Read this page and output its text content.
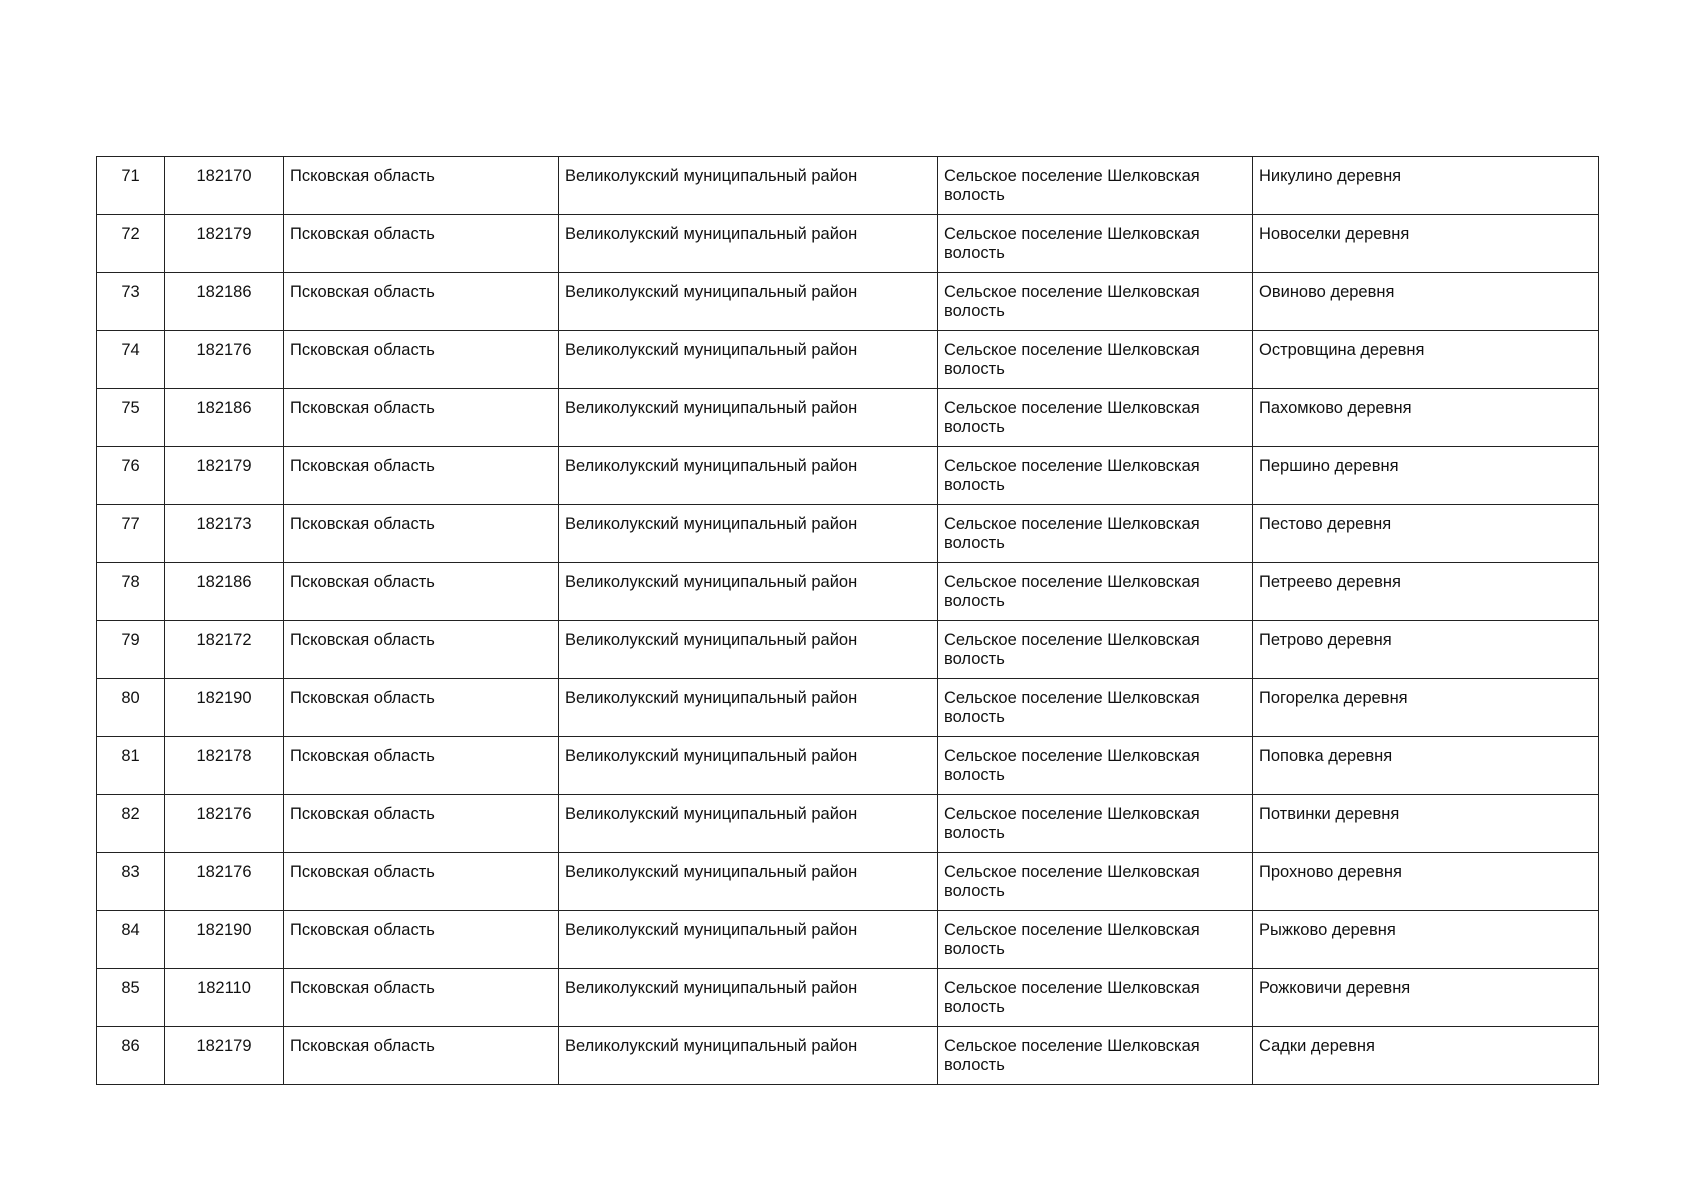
71	182170	Псковская область	Великолукский муниципальный район	Сельское поселение Шелковская волость	Никулино деревня
72	182179	Псковская область	Великолукский муниципальный район	Сельское поселение Шелковская волость	Новоселки деревня
73	182186	Псковская область	Великолукский муниципальный район	Сельское поселение Шелковская волость	Овиново деревня
74	182176	Псковская область	Великолукский муниципальный район	Сельское поселение Шелковская волость	Островщина деревня
75	182186	Псковская область	Великолукский муниципальный район	Сельское поселение Шелковская волость	Пахомково деревня
76	182179	Псковская область	Великолукский муниципальный район	Сельское поселение Шелковская волость	Першино деревня
77	182173	Псковская область	Великолукский муниципальный район	Сельское поселение Шелковская волость	Пестово деревня
78	182186	Псковская область	Великолукский муниципальный район	Сельское поселение Шелковская волость	Петреево деревня
79	182172	Псковская область	Великолукский муниципальный район	Сельское поселение Шелковская волость	Петрово деревня
80	182190	Псковская область	Великолукский муниципальный район	Сельское поселение Шелковская волость	Погорелка деревня
81	182178	Псковская область	Великолукский муниципальный район	Сельское поселение Шелковская волость	Поповка деревня
82	182176	Псковская область	Великолукский муниципальный район	Сельское поселение Шелковская волость	Потвинки деревня
83	182176	Псковская область	Великолукский муниципальный район	Сельское поселение Шелковская волость	Прохново деревня
84	182190	Псковская область	Великолукский муниципальный район	Сельское поселение Шелковская волость	Рыжково деревня
85	182110	Псковская область	Великолукский муниципальный район	Сельское поселение Шелковская волость	Рожковичи деревня
86	182179	Псковская область	Великолукский муниципальный район	Сельское поселение Шелковская волость	Садки деревня
